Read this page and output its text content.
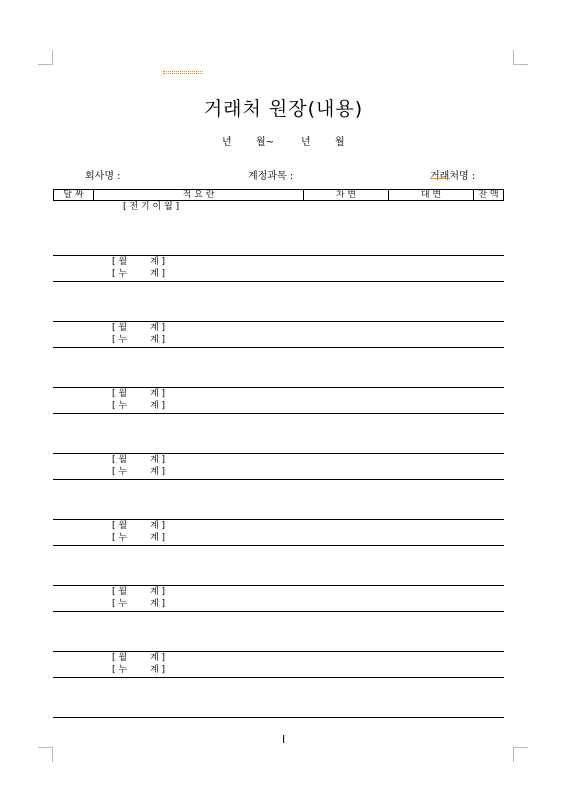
거래처 원장(내용)
년 월~	년 월
회사명 :	계정과목 :	거래처명 :
달 짜	적 요 란	차 변	대 변	잔 액
[ 전 기 이 월 ]
[ 월        계 ]
[ 누        계 ]
[ 월        계 ]
[ 누        계 ]
[ 월        계 ]
[ 누        계 ]
[ 월        계 ]
[ 누        계 ]
[ 월        계 ]
[ 누        계 ]
[ 월        계 ]
[ 누        계 ]
[ 월        계 ]
[ 누        계 ]
I
